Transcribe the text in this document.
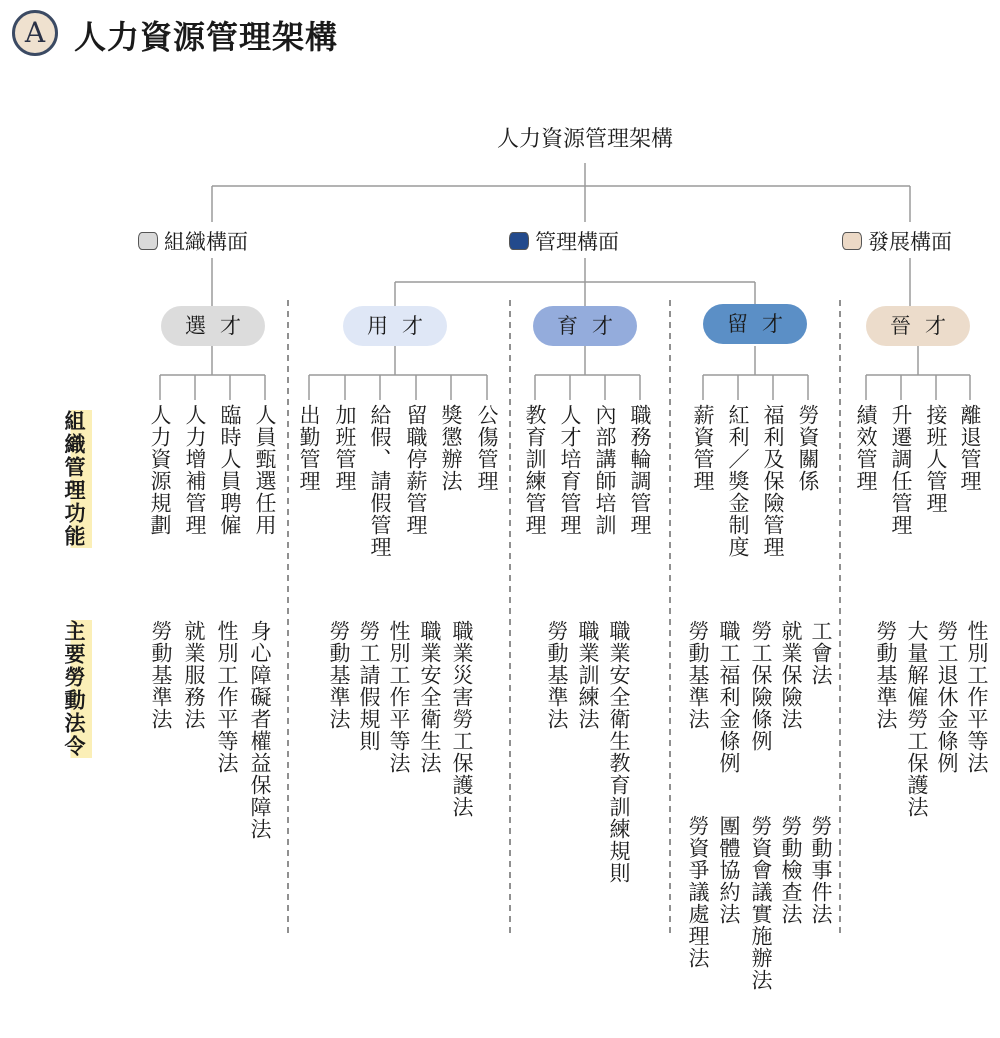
A 人力資源管理架構
人力資源管理架構
組織構面	管理構面	發展構面
選才	用才	育才	留才	晉才
組織管理功能
主要勞動法令
人員甄選任用
臨時人員聘僱
人力增補管理
人力資源規劃	公傷管理
獎懲辦法
留職停薪管理
給假、請假管理
加班管理
出勤管理	職務輪調管理
內部講師培訓
人才培育管理
教育訓練管理	勞資關係
福利及保險管理
紅利／獎金制度
薪資管理	離退管理
接班人管理
升遷調任管理
績效管理
身心障礙者權益保障法
性別工作平等法
就業服務法
勞動基準法	職業災害勞工保護法
職業安全衛生法
性別工作平等法
勞工請假規則
勞動基準法	職業安全衛生教育訓練規則
職業訓練法
勞動基準法	工會法
就業保險法
勞工保險條例
職工福利金條例
勞動基準法
勞動事件法
勞動檢查法
勞資會議實施辦法
團體協約法
勞資爭議處理法
性別工作平等法
勞工退休金條例
大量解僱勞工保護法
勞動基準法
